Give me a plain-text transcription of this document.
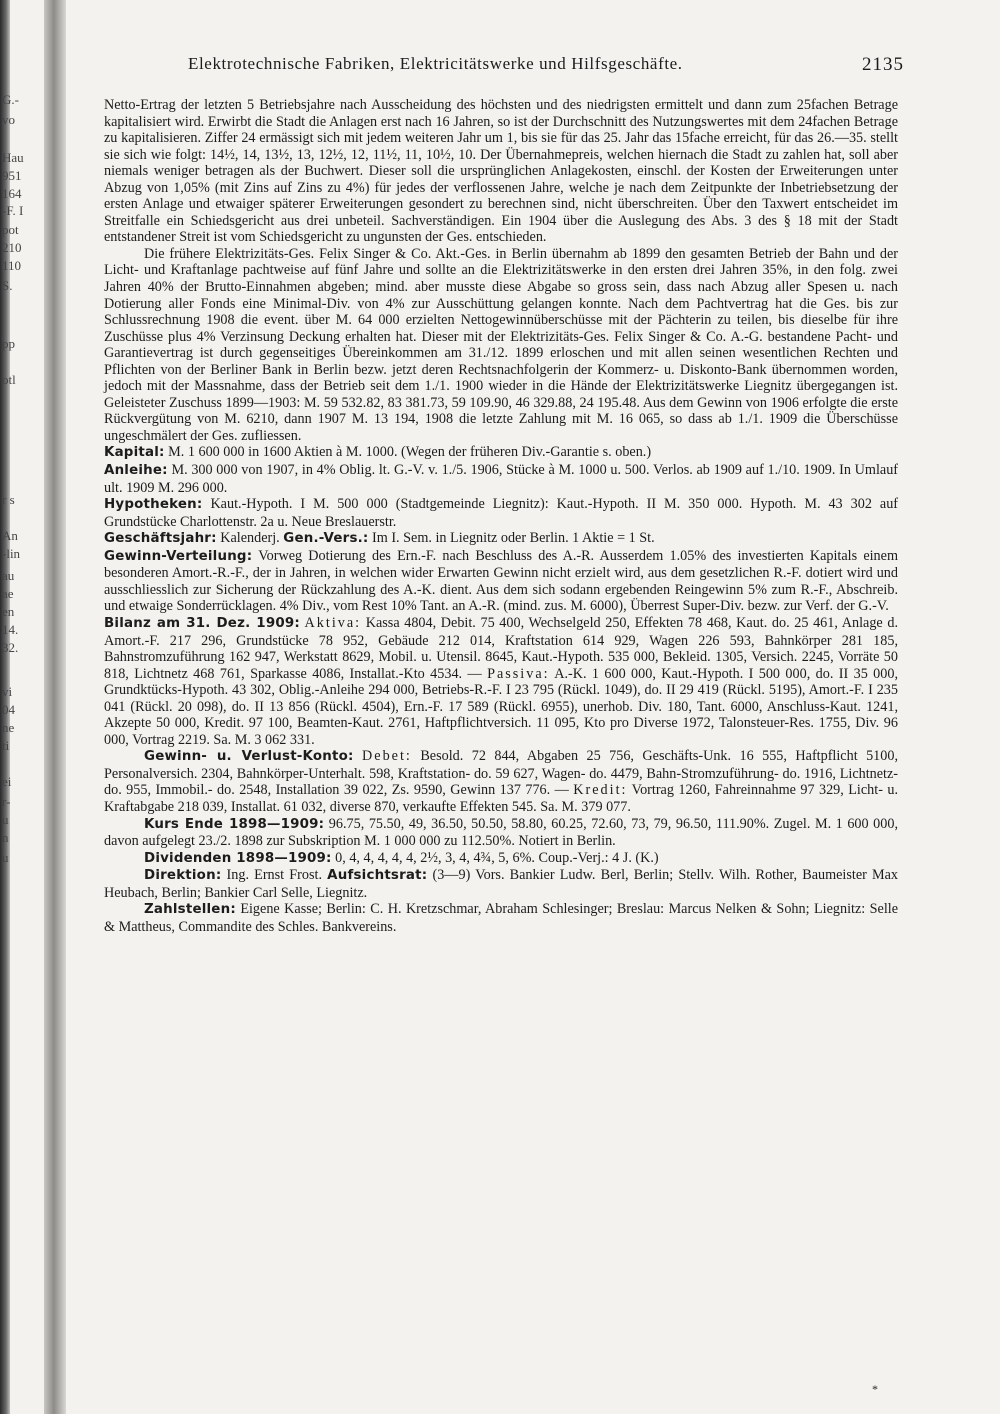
G.-
vo
Hau
951
164
-F. I
pot
210
110
S.
pp
otl
r s
An
-lin
au
ae
en
14.
32.
vi
04
ne
ti
ei
r-
u
n
u
Elektrotechnische Fabriken, Elektricitätswerke und Hilfsgeschäfte.	2135

Netto-Ertrag der letzten 5 Betriebsjahre nach Ausscheidung des höchsten und des niedrigsten ermittelt und dann zum 25fachen Betrage kapitalisiert wird. Erwirbt die Stadt die Anlagen erst nach 16 Jahren, so ist der Durchschnitt des Nutzungswertes mit dem 24fachen Betrage zu kapitalisieren. Ziffer 24 ermässigt sich mit jedem weiteren Jahr um 1, bis sie für das 25. Jahr das 15fache erreicht, für das 26.—35. stellt sie sich wie folgt: 14½, 14, 13½, 13, 12½, 12, 11½, 11, 10½, 10. Der Übernahmepreis, welchen hiernach die Stadt zu zahlen hat, soll aber niemals weniger betragen als der Buchwert. Dieser soll die ursprünglichen Anlagekosten, einschl. der Kosten der Erweiterungen unter Abzug von 1,05% (mit Zins auf Zins zu 4%) für jedes der verflossenen Jahre, welche je nach dem Zeitpunkte der Inbetriebsetzung der ersten Anlage und etwaiger späterer Erweiterungen gesondert zu berechnen sind, nicht überschreiten. Über den Taxwert entscheidet im Streitfalle ein Schiedsgericht aus drei unbeteil. Sachverständigen. Ein 1904 über die Auslegung des Abs. 3 des § 18 mit der Stadt entstandener Streit ist vom Schiedsgericht zu ungunsten der Ges. entschieden.

Die frühere Elektrizitäts-Ges. Felix Singer & Co. Akt.-Ges. in Berlin übernahm ab 1899 den gesamten Betrieb der Bahn und der Licht- und Kraftanlage pachtweise auf fünf Jahre und sollte an die Elektrizitätswerke in den ersten drei Jahren 35%, in den folg. zwei Jahren 40% der Brutto-Einnahmen abgeben; mind. aber musste diese Abgabe so gross sein, dass nach Abzug aller Spesen u. nach Dotierung aller Fonds eine Minimal-Div. von 4% zur Ausschüttung gelangen konnte. Nach dem Pachtvertrag hat die Ges. bis zur Schlussrechnung 1908 die event. über M. 64 000 erzielten Nettogewinnüberschüsse mit der Pächterin zu teilen, bis dieselbe für ihre Zuschüsse plus 4% Verzinsung Deckung erhalten hat. Dieser mit der Elektrizitäts-Ges. Felix Singer & Co. A.-G. bestandene Pacht- und Garantievertrag ist durch gegenseitiges Übereinkommen am 31./12. 1899 erloschen und mit allen seinen wesentlichen Rechten und Pflichten von der Berliner Bank in Berlin bezw. jetzt deren Rechtsnachfolgerin der Kommerz- u. Diskonto-Bank übernommen worden, jedoch mit der Massnahme, dass der Betrieb seit dem 1./1. 1900 wieder in die Hände der Elektrizitätswerke Liegnitz übergegangen ist. Geleisteter Zuschuss 1899—1903: M. 59 532.82, 83 381.73, 59 109.90, 46 329.88, 24 195.48. Aus dem Gewinn von 1906 erfolgte die erste Rückvergütung von M. 6210, dann 1907 M. 13 194, 1908 die letzte Zahlung mit M. 16 065, so dass ab 1./1. 1909 die Überschüsse ungeschmälert der Ges. zufliessen.

Kapital: M. 1 600 000 in 1600 Aktien à M. 1000. (Wegen der früheren Div.-Garantie s. oben.)

Anleihe: M. 300 000 von 1907, in 4% Oblig. lt. G.-V. v. 1./5. 1906, Stücke à M. 1000 u. 500. Verlos. ab 1909 auf 1./10. 1909. In Umlauf ult. 1909 M. 296 000.

Hypotheken: Kaut.-Hypoth. I M. 500 000 (Stadtgemeinde Liegnitz): Kaut.-Hypoth. II M. 350 000. Hypoth. M. 43 302 auf Grundstücke Charlottenstr. 2a u. Neue Breslauerstr.

Geschäftsjahr: Kalenderj. Gen.-Vers.: Im I. Sem. in Liegnitz oder Berlin. 1 Aktie = 1 St.

Gewinn-Verteilung: Vorweg Dotierung des Ern.-F. nach Beschluss des A.-R. Ausserdem 1.05% des investierten Kapitals einem besonderen Amort.-R.-F., der in Jahren, in welchen wider Erwarten Gewinn nicht erzielt wird, aus dem gesetzlichen R.-F. dotiert wird und ausschliesslich zur Sicherung der Rückzahlung des A.-K. dient. Aus dem sich sodann ergebenden Reingewinn 5% zum R.-F., Abschreib. und etwaige Sonderrücklagen. 4% Div., vom Rest 10% Tant. an A.-R. (mind. zus. M. 6000), Überrest Super-Div. bezw. zur Verf. der G.-V.

Bilanz am 31. Dez. 1909: Aktiva: Kassa 4804, Debit. 75 400, Wechselgeld 250, Effekten 78 468, Kaut. do. 25 461, Anlage d. Amort.-F. 217 296, Grundstücke 78 952, Gebäude 212 014, Kraftstation 614 929, Wagen 226 593, Bahnkörper 281 185, Bahnstromzuführung 162 947, Werkstatt 8629, Mobil. u. Utensil. 8645, Kaut.-Hypoth. 535 000, Bekleid. 1305, Versich. 2245, Vorräte 50 818, Lichtnetz 468 761, Sparkasse 4086, Installat.-Kto 4534. — Passiva: A.-K. 1 600 000, Kaut.-Hypoth. I 500 000, do. II 35 000, Grundktücks-Hypoth. 43 302, Oblig.-Anleihe 294 000, Betriebs-R.-F. I 23 795 (Rückl. 1049), do. II 29 419 (Rückl. 5195), Amort.-F. I 235 041 (Rückl. 20 098), do. II 13 856 (Rückl. 4504), Ern.-F. 17 589 (Rückl. 6955), unerhob. Div. 180, Tant. 6000, Anschluss-Kaut. 1241, Akzepte 50 000, Kredit. 97 100, Beamten-Kaut. 2761, Haftpflichtversich. 11 095, Kto pro Diverse 1972, Talonsteuer-Res. 1755, Div. 96 000, Vortrag 2219. Sa. M. 3 062 331.

Gewinn- u. Verlust-Konto: Debet: Besold. 72 844, Abgaben 25 756, Geschäfts-Unk. 16 555, Haftpflicht 5100, Personalversich. 2304, Bahnkörper-Unterhalt. 598, Kraftstation- do. 59 627, Wagen- do. 4479, Bahn-Stromzuführung- do. 1916, Lichtnetz- do. 955, Immobil.- do. 2548, Installation 39 022, Zs. 9590, Gewinn 137 776. — Kredit: Vortrag 1260, Fahreinnahme 97 329, Licht- u. Kraftabgabe 218 039, Installat. 61 032, diverse 870, verkaufte Effekten 545. Sa. M. 379 077.

Kurs Ende 1898—1909: 96.75, 75.50, 49, 36.50, 50.50, 58.80, 60.25, 72.60, 73, 79, 96.50, 111.90%. Zugel. M. 1 600 000, davon aufgelegt 23./2. 1898 zur Subskription M. 1 000 000 zu 112.50%. Notiert in Berlin.

Dividenden 1898—1909: 0, 4, 4, 4, 4, 4, 2½, 3, 4, 4¾, 5, 6%. Coup.-Verj.: 4 J. (K.)

Direktion: Ing. Ernst Frost. Aufsichtsrat: (3—9) Vors. Bankier Ludw. Berl, Berlin; Stellv. Wilh. Rother, Baumeister Max Heubach, Berlin; Bankier Carl Selle, Liegnitz.

Zahlstellen: Eigene Kasse; Berlin: C. H. Kretzschmar, Abraham Schlesinger; Breslau: Marcus Nelken & Sohn; Liegnitz: Selle & Mattheus, Commandite des Schles. Bankvereins.

*
